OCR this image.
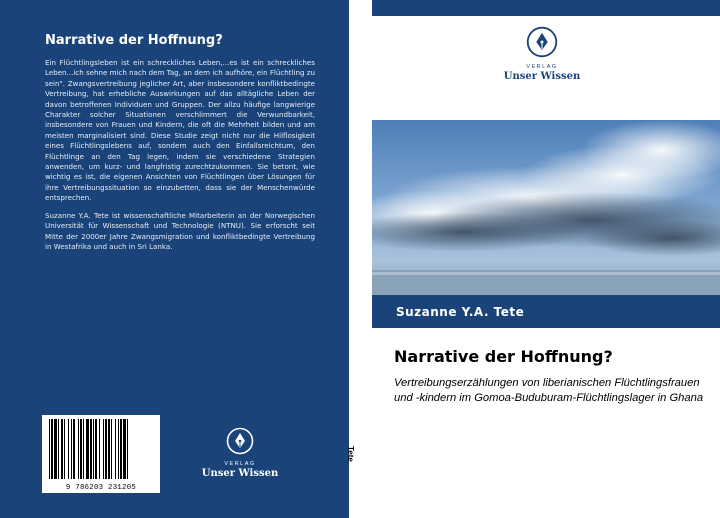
Narrative der Hoffnung?
Ein Flüchtlingsleben ist ein schreckliches Leben,...es ist ein schreckliches Leben...ich sehne mich nach dem Tag, an dem ich aufhöre, ein Flüchtling zu sein". Zwangsvertreibung jeglicher Art, aber insbesondere konfliktbedingte Vertreibung, hat erhebliche Auswirkungen auf das alltägliche Leben der davon betroffenen Individuen und Gruppen. Der allzu häufige langwierige Charakter solcher Situationen verschlimmert die Verwundbarkeit, insbesondere von Frauen und Kindern, die oft die Mehrheit bilden und am meisten marginalisiert sind. Diese Studie zeigt nicht nur die Hilflosigkeit eines Flüchtlingslebens auf, sondern auch den Einfallsreichtum, den Flüchtlinge an den Tag legen, indem sie verschiedene Strategien anwenden, um kurz- und langfristig zurechtzukommen. Sie betont, wie wichtig es ist, die eigenen Ansichten von Flüchtlingen über Lösungen für ihre Vertreibungssituation so einzubetten, dass sie der Menschenwürde entsprechen.
Suzanne Y.A. Tete ist wissenschaftliche Mitarbeiterin an der Norwegischen Universität für Wissenschaft und Technologie (NTNU). Sie erforscht seit Mitte der 2000er Jahre Zwangsmigration und konfliktbedingte Vertreibung in Westafrika und auch in Sri Lanka.
9 786203 231205
VERLAG
Unser Wissen
Tete
VERLAG
Unser Wissen
Suzanne Y.A. Tete
Narrative der Hoffnung?
Vertreibungserzählungen von liberianischen Flüchtlingsfrauen und -kindern im Gomoa-Buduburam-Flüchtlingslager in Ghana
